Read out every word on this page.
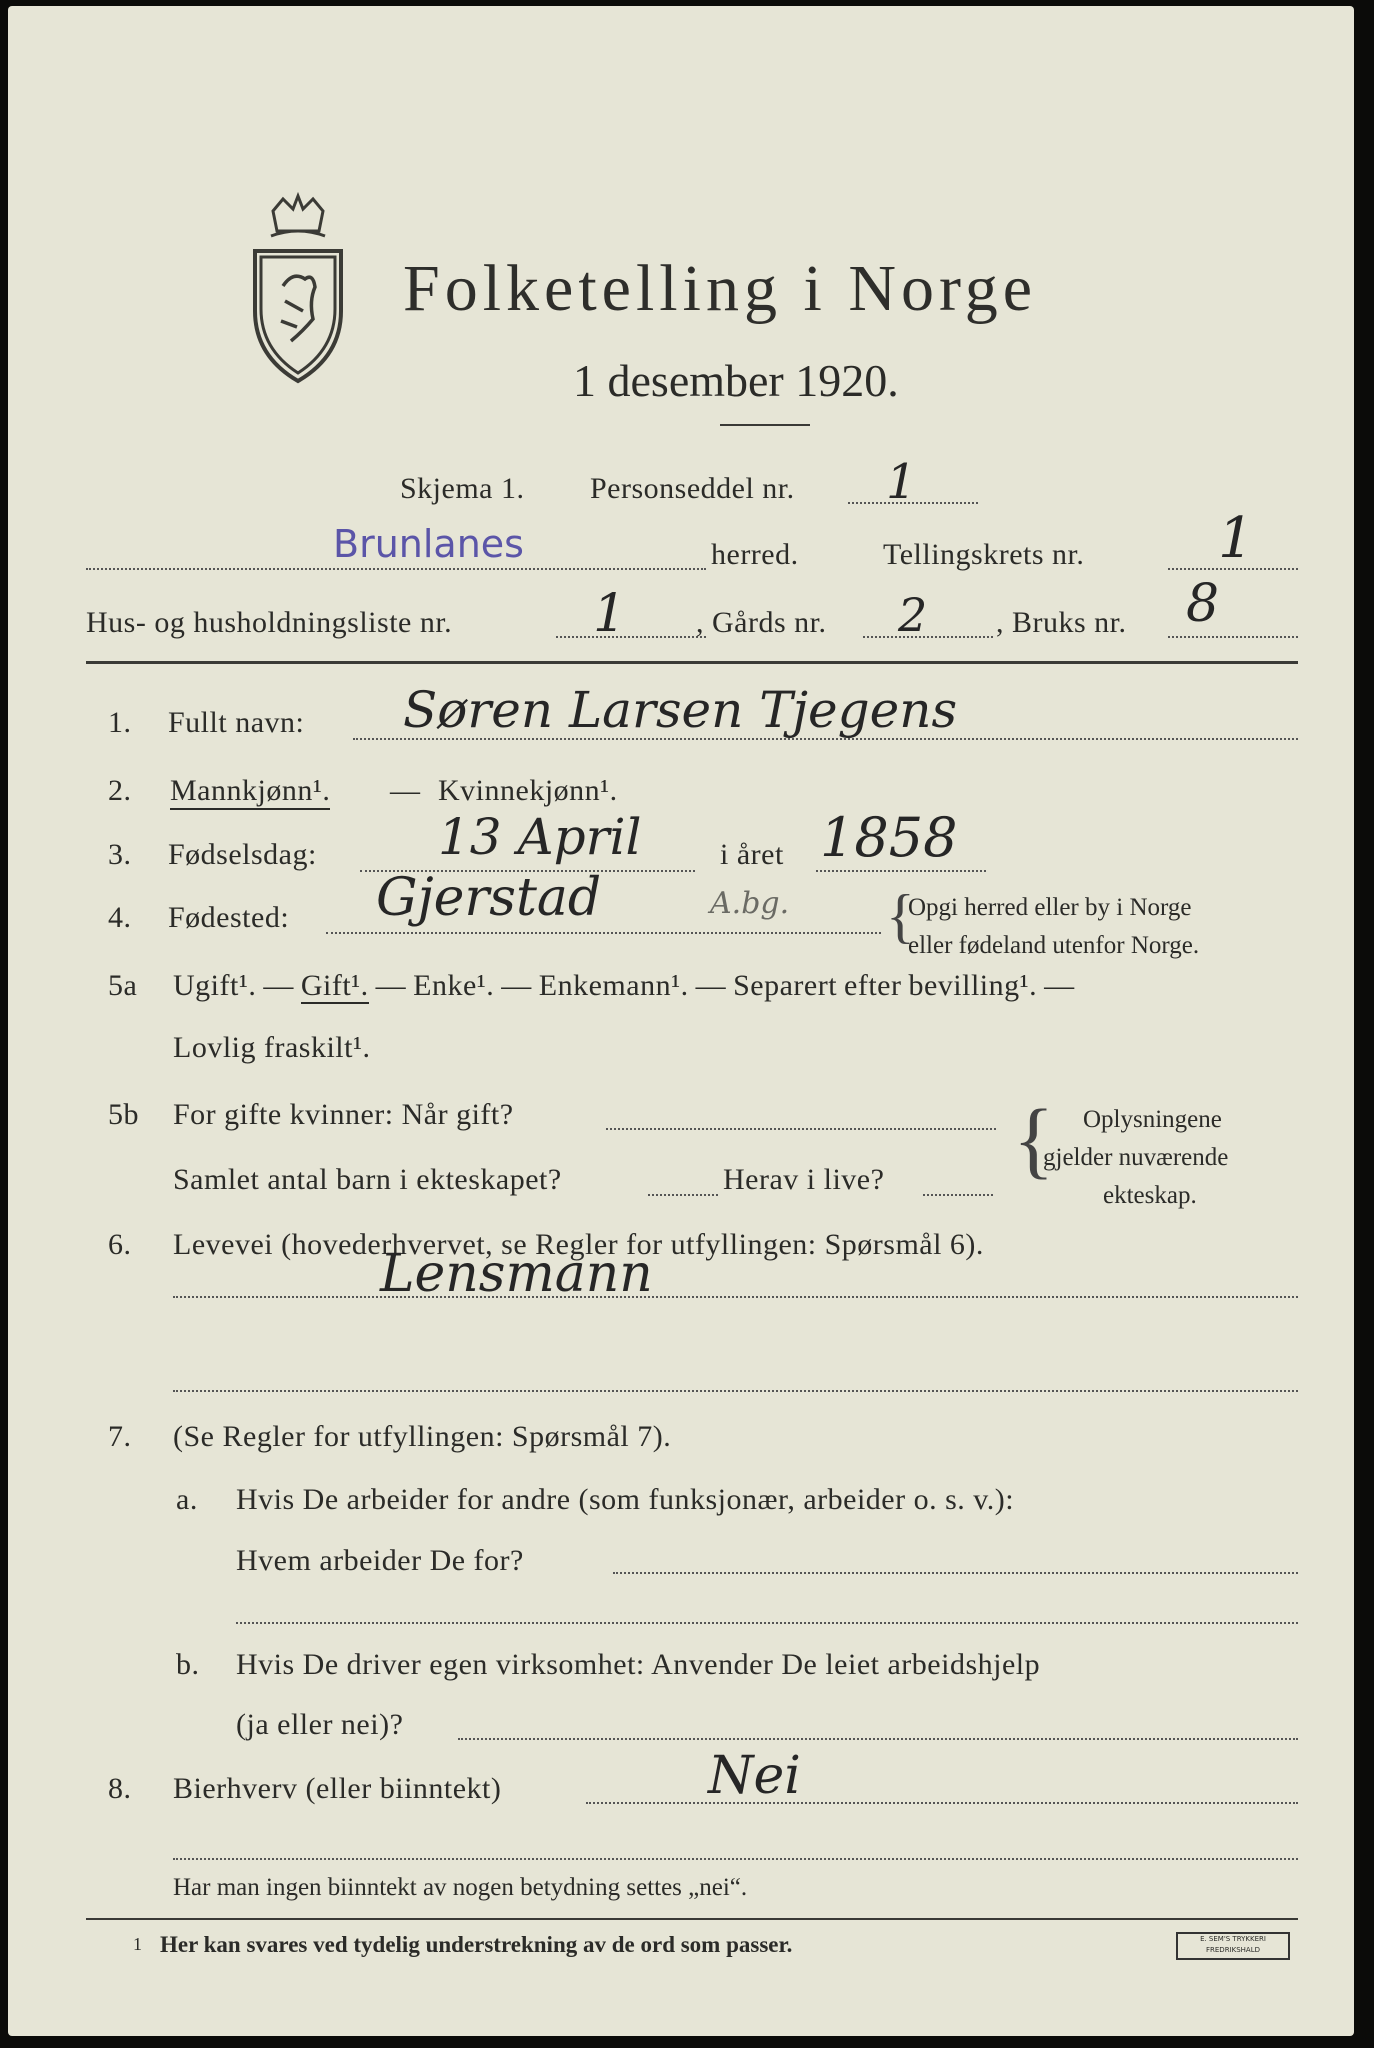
Folketelling i Norge
1 desember 1920.
Skjema 1. Personseddel nr. 1
Brunlanes	herred.	Tellingskrets nr. 1
Hus- og husholdningsliste nr.	1 , Gårds nr. 2 , Bruks nr. 8
1. Fullt navn: Søren Larsen Tjegens
2. Mannkjønn¹. — Kvinnekjønn¹.
3. Fødselsdag: 13 April	i året 1858
4. Fødested: Gjerstad	A.bg. {
Opgi herred eller by i Norge
eller fødeland utenfor Norge.
5a Ugift¹. — Gift¹. — Enke¹. — Enkemann¹. — Separert efter bevilling¹. —
Lovlig fraskilt¹.
5b For gifte kvinner: Når gift?
Samlet antal barn i ekteskapet?	Herav i live? { Oplysningene
gjelder nuværende
ekteskap.
6. Levevei (hovederhvervet, se Regler for utfyllingen: Spørsmål 6).
Lensmann
7. (Se Regler for utfyllingen: Spørsmål 7).
a. Hvis De arbeider for andre (som funksjonær, arbeider o. s. v.):
Hvem arbeider De for?
b. Hvis De driver egen virksomhet: Anvender De leiet arbeidshjelp
(ja eller nei)?
8. Bierhverv (eller biinntekt)	Nei
Har man ingen biinntekt av nogen betydning settes „nei“.
1 Her kan svares ved tydelig understrekning av de ord som passer.	E. SEM'S TRYKKERI FREDRIKSHALD
